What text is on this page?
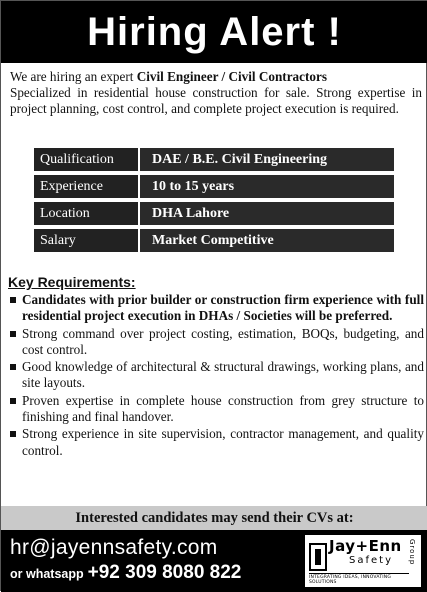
Hiring Alert !
We are hiring an expert Civil Engineer / Civil Contractors
Specialized in residential house construction for sale. Strong expertise in project planning, cost control, and complete project execution is required.
Qualification	DAE / B.E. Civil Engineering
Experience	10 to 15 years
Location	DHA Lahore
Salary	Market Competitive
Key Requirements:
Candidates with prior builder or construction firm experience with full residential project execution in DHAs / Societies will be preferred.
Strong command over project costing, estimation, BOQs, budgeting, and cost control.
Good knowledge of architectural & structural drawings, working plans, and site layouts.
Proven expertise in complete house construction from grey structure to finishing and final handover.
Strong experience in site supervision, contractor management, and quality control.
Interested candidates may send their CVs at:
hr@jayennsafety.com
or whatsapp +92 309 8080 822
Jay+Enn
Safety Group
INTEGRATING IDEAS, INNOVATING SOLUTIONS
